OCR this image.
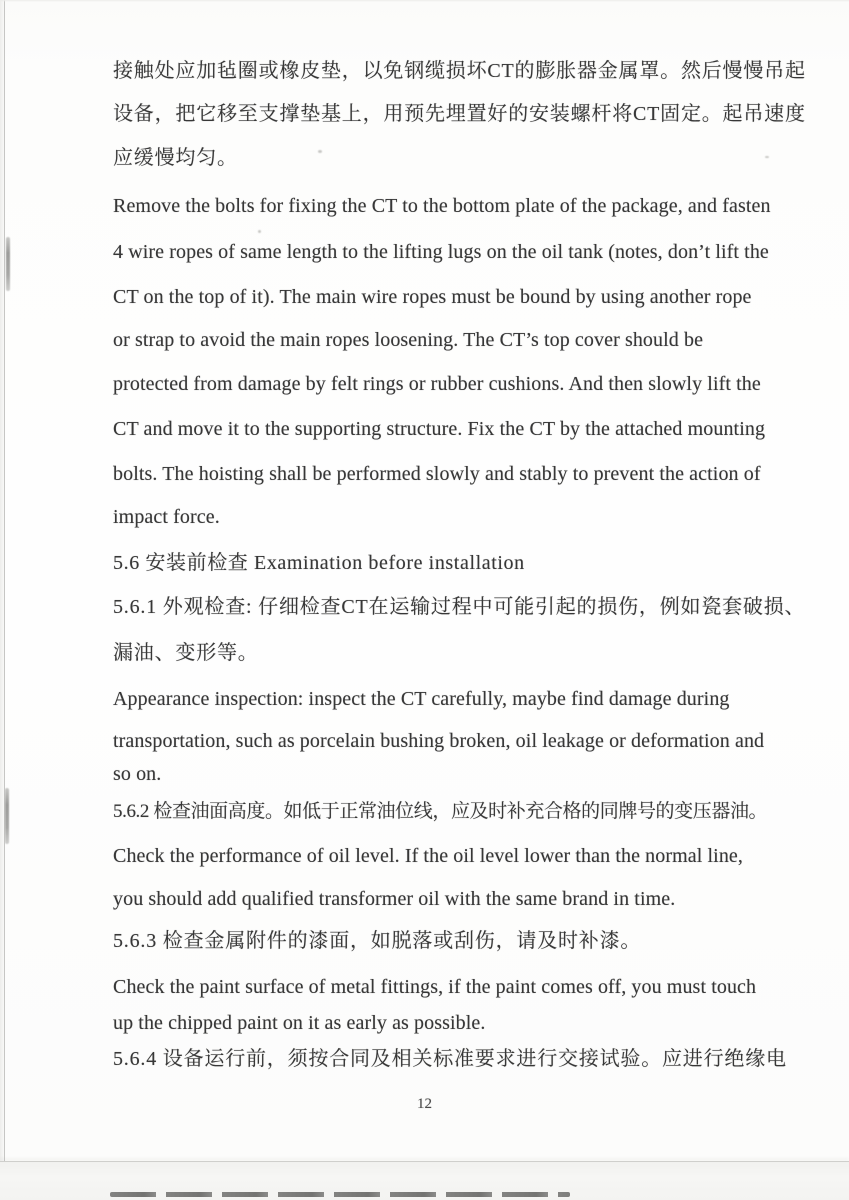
接触处应加毡圈或橡皮垫，以免钢缆损坏CT的膨胀器金属罩。然后慢慢吊起
设备，把它移至支撑垫基上，用预先埋置好的安装螺杆将CT固定。起吊速度
应缓慢均匀。
Remove the bolts for fixing the CT to the bottom plate of the package, and fasten
4 wire ropes of same length to the lifting lugs on the oil tank (notes, don’t lift the
CT on the top of it). The main wire ropes must be bound by using another rope
or strap to avoid the main ropes loosening. The CT’s top cover should be
protected from damage by felt rings or rubber cushions. And then slowly lift the
CT and move it to the supporting structure. Fix the CT by the attached mounting
bolts. The hoisting shall be performed slowly and stably to prevent the action of
impact force.
5.6 安装前检查 Examination before installation
5.6.1 外观检查: 仔细检查CT在运输过程中可能引起的损伤，例如瓷套破损、
漏油、变形等。
Appearance inspection: inspect the CT carefully, maybe find damage during
transportation, such as porcelain bushing broken, oil leakage or deformation and
so on.
5.6.2 检查油面高度。如低于正常油位线，应及时补充合格的同牌号的变压器油。
Check the performance of oil level. If the oil level lower than the normal line,
you should add qualified transformer oil with the same brand in time.
5.6.3 检查金属附件的漆面，如脱落或刮伤，请及时补漆。
Check the paint surface of metal fittings, if the paint comes off, you must touch
up the chipped paint on it as early as possible.
5.6.4 设备运行前，须按合同及相关标准要求进行交接试验。应进行绝缘电
12
